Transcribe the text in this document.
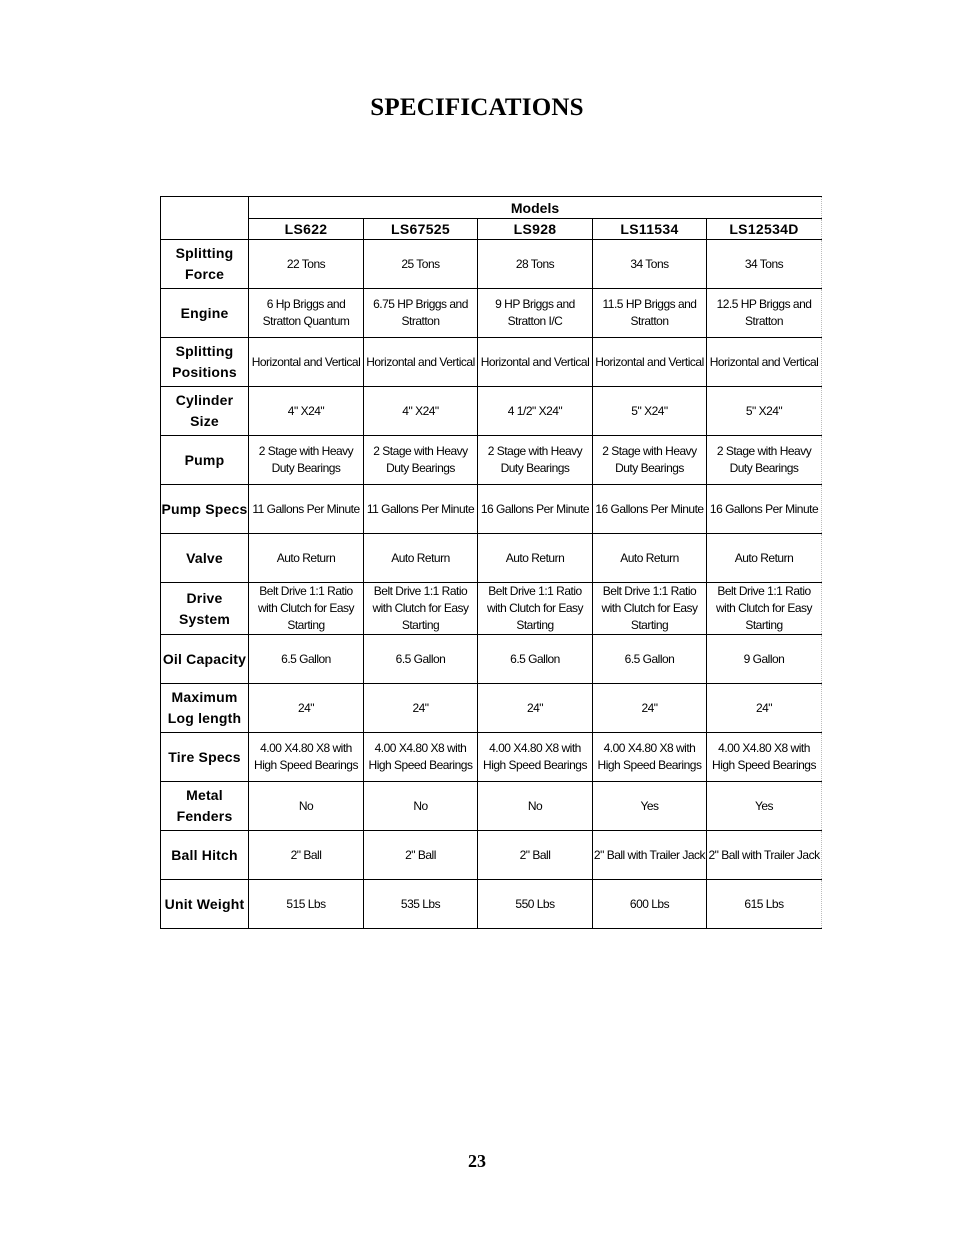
SPECIFICATIONS
	Models				
	LS622	LS67525	LS928	LS11534	LS12534D
Splitting Force	22 Tons	25 Tons	28 Tons	34 Tons	34 Tons
Engine	6 Hp Briggs and Stratton Quantum	6.75 HP Briggs and Stratton	9 HP Briggs and Stratton I/C	11.5 HP Briggs and Stratton	12.5 HP Briggs and Stratton
Splitting Positions	Horizontal and Vertical	Horizontal and Vertical	Horizontal and Vertical	Horizontal and Vertical	Horizontal and Vertical
Cylinder Size	4" X24"	4" X24"	4 1/2" X24"	5" X24"	5" X24"
Pump	2 Stage with Heavy Duty Bearings	2 Stage with Heavy Duty Bearings	2 Stage with Heavy Duty Bearings	2 Stage with Heavy Duty Bearings	2 Stage with Heavy Duty Bearings
Pump Specs	11 Gallons Per Minute	11 Gallons Per Minute	16 Gallons Per Minute	16 Gallons Per Minute	16 Gallons Per Minute
Valve	Auto Return	Auto Return	Auto Return	Auto Return	Auto Return
Drive System	Belt Drive 1:1 Ratio with Clutch for Easy Starting	Belt Drive 1:1 Ratio with Clutch for Easy Starting	Belt Drive 1:1 Ratio with Clutch for Easy Starting	Belt Drive 1:1 Ratio with Clutch for Easy Starting	Belt Drive 1:1 Ratio with Clutch for Easy Starting
Oil Capacity	6.5 Gallon	6.5 Gallon	6.5 Gallon	6.5 Gallon	9 Gallon
Maximum Log length	24"	24"	24"	24"	24"
Tire Specs	4.00 X4.80 X8 with High Speed Bearings	4.00 X4.80 X8 with High Speed Bearings	4.00 X4.80 X8 with High Speed Bearings	4.00 X4.80 X8 with High Speed Bearings	4.00 X4.80 X8 with High Speed Bearings
Metal Fenders	No	No	No	Yes	Yes
Ball Hitch	2" Ball	2" Ball	2" Ball	2" Ball with Trailer Jack	2" Ball with Trailer Jack
Unit Weight	515 Lbs	535 Lbs	550 Lbs	600 Lbs	615 Lbs
23
